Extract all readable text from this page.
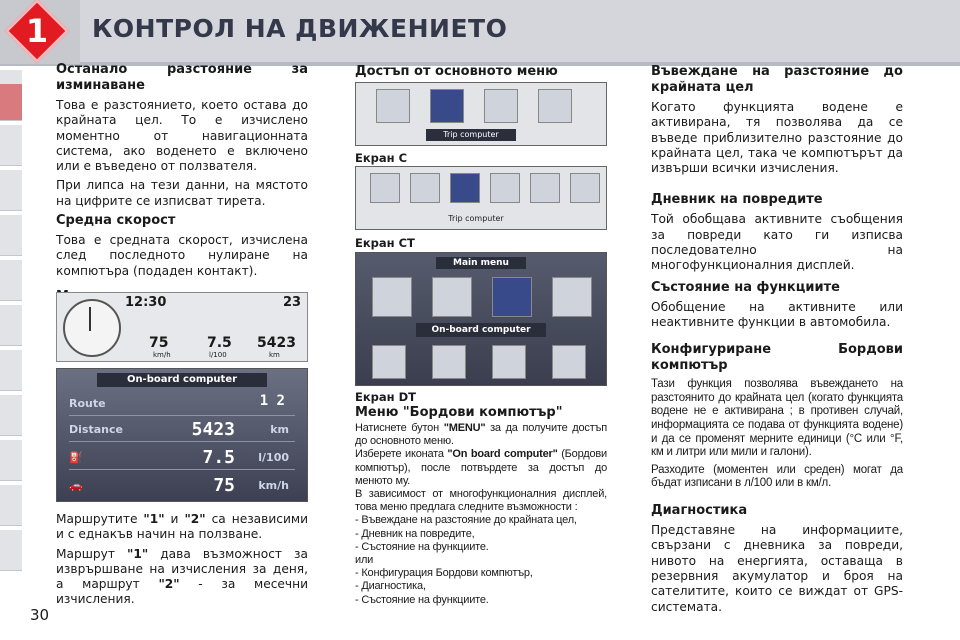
1	КОНТРОЛ НА ДВИЖЕНИЕТО
Останало разстояние за изминаване
Това е разстоянието, което остава до крайната цел. То е изчислено моментно от навигационната система, ако воденето е включено или е въведено от ползвателя.
При липса на тези данни, на мястото на цифрите се изписват тирета.
Средна скорост
Това е средната скорост, изчислена след последното нулиране на компютъра (подаден контакт).
12:30	23
75	7.5 5423
km/h	l/100	km
On-board computer
Route	1 2
Distance	5423	km
⛽	7.5 l/100
🚗	75 km/h
Маршрутите "1" и "2" са независими и с еднакъв начин на ползване.
Маршрут "1" дава възможност за изврършване на изчисления за деня, а маршрут "2" - за месечни изчисления.
30
Достъп от основното меню
Trip computer
Екран С
Trip computer
Екран СТ
Main menu
On-board computer
Екран DT
Меню "Бордови компютър"
Натиснете бутон "MENU" за да получите достъп до основното меню.
Изберете иконата "On board computer" (Бордови компютър), после потвърдете за достъп до менюто му.
В зависимост от многофункционалния дисплей, това меню предлага следните възможности :
- Въвеждане на разстояние до крайната цел,
- Дневник на повредите,
- Състояние на функциите.
или
- Конфигурация Бордови компютър,
- Диагностика,
- Състояние на функциите.
Въвеждане на разстояние до крайната цел
Когато функцията водене е активирана, тя позволява да се въведе приблизително разстояние до крайната цел, така че компютърът да извърши всички изчисления.
Дневник на повредите
Той обобщава активните съобщения за повреди като ги изписва последователно на многофункционалния дисплей.
Състояние на функциите
Обобщение на активните или неактивните функции в автомобила.
Конфигуриране Бордови компютър
Тази функция позволява въвеждането на разстоянито до крайната цел (когато функцията водене не е активирана ; в противен случай, информацията се подава от функцията водене) и да се променят мерните единици (°C или °F, км и литри или мили и галони).
Разходите (моментен или среден) могат да бъдат изписани в л/100 или в км/л.
Диагностика
Представяне на информациите, свързани с дневника за повреди, нивото на енергията, оставаща в резервния акумулатор и броя на сателитите, които се виждат от GPS-системата.
